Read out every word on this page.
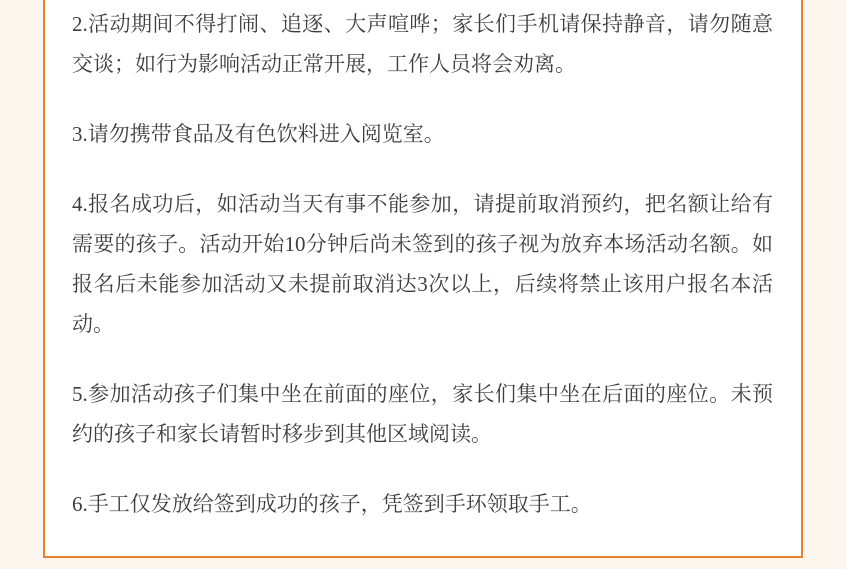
2.活动期间不得打闹、追逐、大声喧哗；家长们手机请保持静音，请勿随意交谈；如行为影响活动正常开展，工作人员将会劝离。

3.请勿携带食品及有色饮料进入阅览室。

4.报名成功后，如活动当天有事不能参加，请提前取消预约，把名额让给有需要的孩子。活动开始10分钟后尚未签到的孩子视为放弃本场活动名额。如报名后未能参加活动又未提前取消达3次以上，后续将禁止该用户报名本活动。

5.参加活动孩子们集中坐在前面的座位，家长们集中坐在后面的座位。未预约的孩子和家长请暂时移步到其他区域阅读。

6.手工仅发放给签到成功的孩子，凭签到手环领取手工。
